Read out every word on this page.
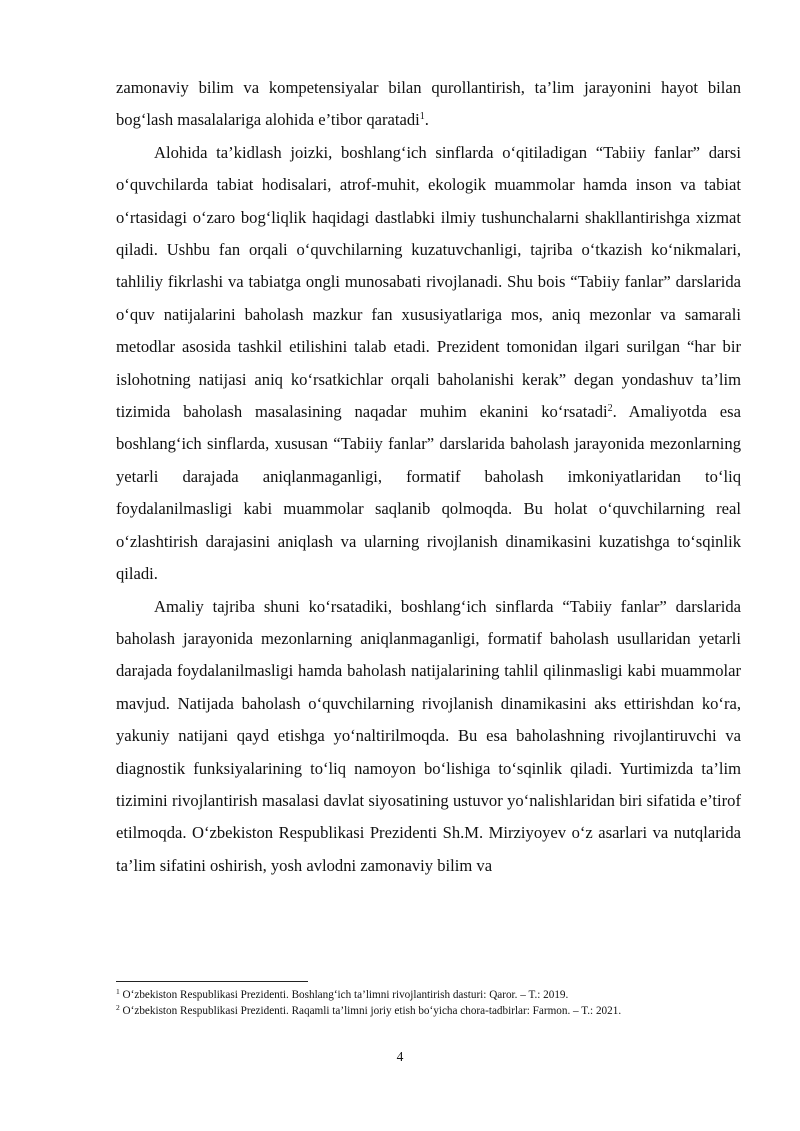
zamonaviy bilim va kompetensiyalar bilan qurollantirish, ta’lim jarayonini hayot bilan bog‘lash masalalariga alohida e’tibor qaratadi$^1$.

Alohida ta’kidlash joizki, boshlang‘ich sinflarda o‘qitiladigan “Tabiiy fanlar” darsi o‘quvchilarda tabiat hodisalari, atrof-muhit, ekologik muammolar hamda inson va tabiat o‘rtasidagi o‘zaro bog‘liqlik haqidagi dastlabki ilmiy tushunchalarni shakllantirishga xizmat qiladi. Ushbu fan orqali o‘quvchilarning kuzatuvchanligi, tajriba o‘tkazish ko‘nikmalari, tahliliy fikrlashi va tabiatga ongli munosabati rivojlanadi. Shu bois “Tabiiy fanlar” darslarida o‘quv natijalarini baholash mazkur fan xususiyatlariga mos, aniq mezonlar va samarali metodlar asosida tashkil etilishini talab etadi. Prezident tomonidan ilgari surilgan “har bir islohotning natijasi aniq ko‘rsatkichlar orqali baholanishi kerak” degan yondashuv ta’lim tizimida baholash masalasining naqadar muhim ekanini ko‘rsatadi$^2$. Amaliyotda esa boshlang‘ich sinflarda, xususan “Tabiiy fanlar” darslarida baholash jarayonida mezonlarning yetarli darajada aniqlanmaganligi, formatif baholash imkoniyatlaridan to‘liq foydalanilmasligi kabi muammolar saqlanib qolmoqda. Bu holat o‘quvchilarning real o‘zlashtirish darajasini aniqlash va ularning rivojlanish dinamikasini kuzatishga to‘sqinlik qiladi.

Amaliy tajriba shuni ko‘rsatadiki, boshlang‘ich sinflarda “Tabiiy fanlar” darslarida baholash jarayonida mezonlarning aniqlanmaganligi, formatif baholash usullaridan yetarli darajada foydalanilmasligi hamda baholash natijalarining tahlil qilinmasligi kabi muammolar mavjud. Natijada baholash o‘quvchilarning rivojlanish dinamikasini aks ettirishdan ko‘ra, yakuniy natijani qayd etishga yo‘naltirilmoqda. Bu esa baholashning rivojlantiruvchi va diagnostik funksiyalarining to‘liq namoyon bo‘lishiga to‘sqinlik qiladi. Yurtimizda ta’lim tizimini rivojlantirish masalasi davlat siyosatining ustuvor yo‘nalishlaridan biri sifatida e’tirof etilmoqda. O‘zbekiston Respublikasi Prezidenti Sh.M. Mirziyoyev o‘z asarlari va nutqlarida ta’lim sifatini oshirish, yosh avlodni zamonaviy bilim va

$^1$ O‘zbekiston Respublikasi Prezidenti. Boshlang‘ich ta’limni rivojlantirish dasturi: Qaror. – T.: 2019.

$^2$ O‘zbekiston Respublikasi Prezidenti. Raqamli ta’limni joriy etish bo‘yicha chora-tadbirlar: Farmon. – T.: 2021.

4
